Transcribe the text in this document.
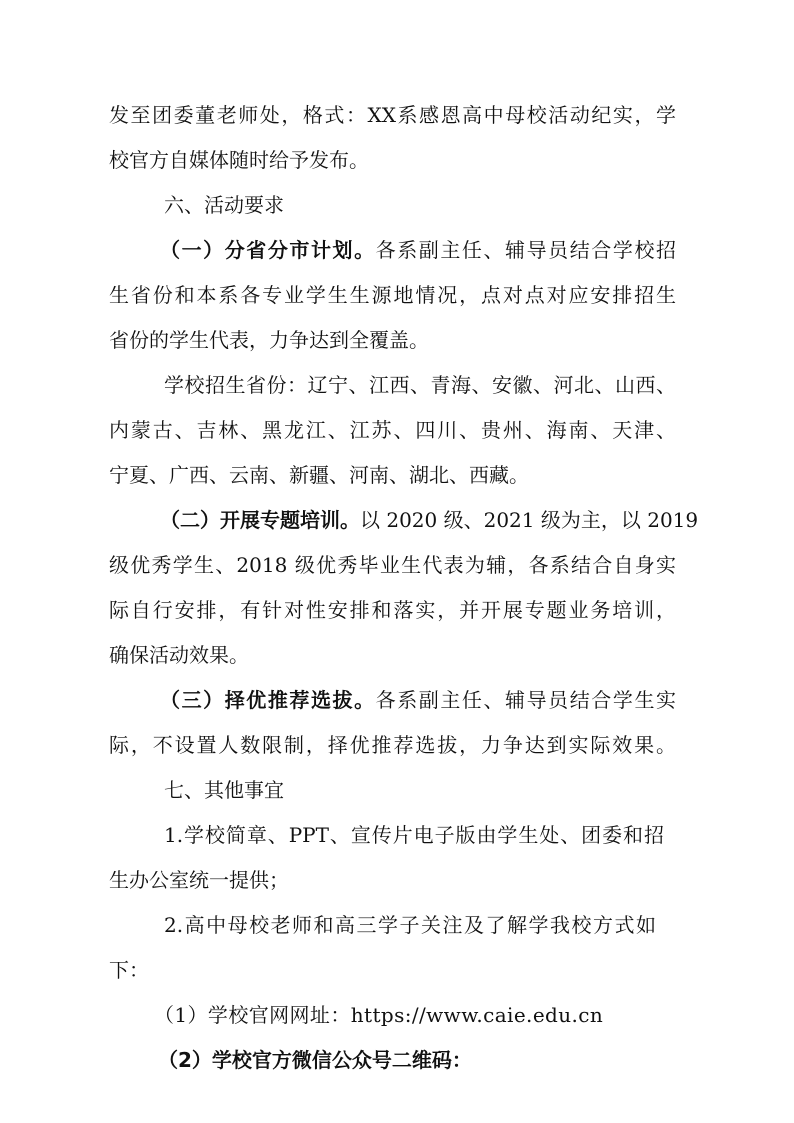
发至团委董老师处，格式：XX系感恩高中母校活动纪实，学
校官方自媒体随时给予发布。
六、活动要求
（一）分省分市计划。各系副主任、辅导员结合学校招
生省份和本系各专业学生生源地情况，点对点对应安排招生
省份的学生代表，力争达到全覆盖。
学校招生省份：辽宁、江西、青海、安徽、河北、山西、
内蒙古、吉林、黑龙江、江苏、四川、贵州、海南、天津、
宁夏、广西、云南、新疆、河南、湖北、西藏。
（二）开展专题培训。以 2020 级、2021 级为主，以 2019
级优秀学生、2018 级优秀毕业生代表为辅，各系结合自身实
际自行安排，有针对性安排和落实，并开展专题业务培训，
确保活动效果。
（三）择优推荐选拔。各系副主任、辅导员结合学生实
际，不设置人数限制，择优推荐选拔，力争达到实际效果。
七、其他事宜
1.学校简章、PPT、宣传片电子版由学生处、团委和招
生办公室统一提供；
2.高中母校老师和高三学子关注及了解学我校方式如
下：
（1）学校官网网址：https://www.caie.edu.cn
（2）学校官方微信公众号二维码：
